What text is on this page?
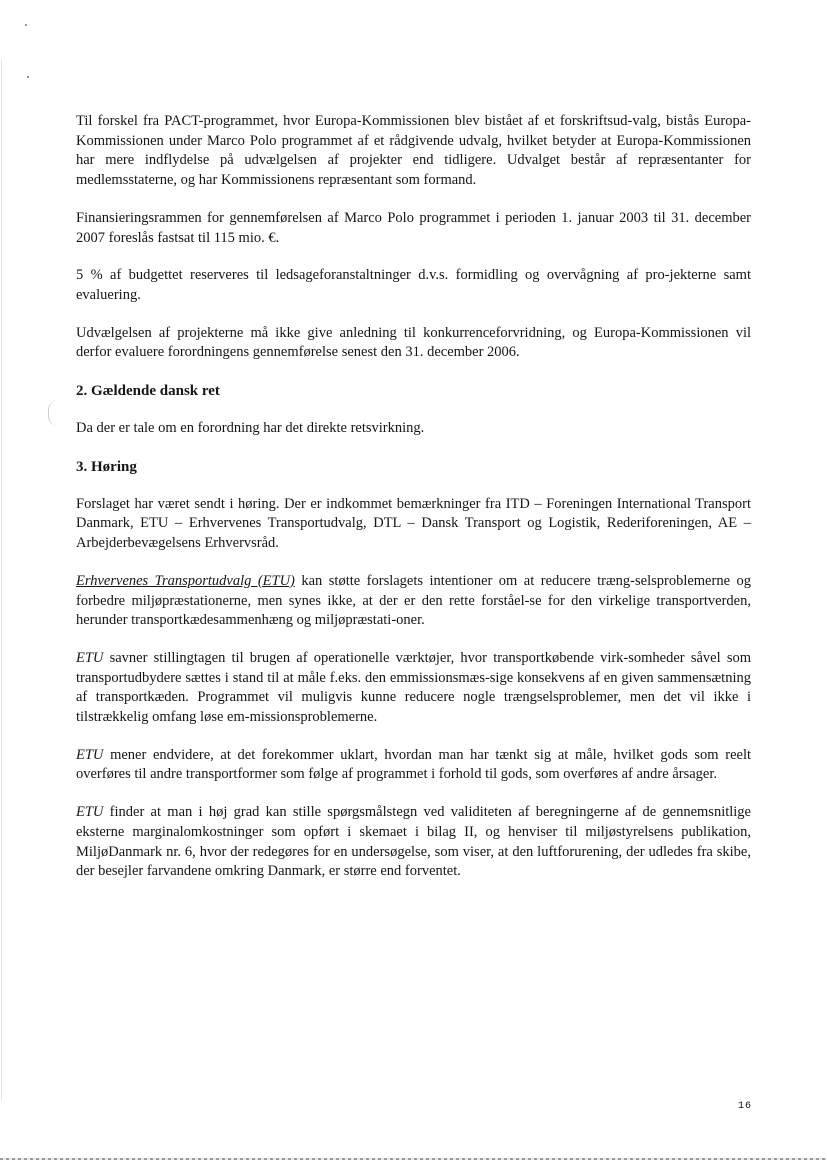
Til forskel fra PACT-programmet, hvor Europa-Kommissionen blev bistået af et forskriftsud-valg, bistås Europa-Kommissionen under Marco Polo programmet af et rådgivende udvalg, hvilket betyder at Europa-Kommissionen har mere indflydelse på udvælgelsen af projekter end tidligere. Udvalget består af repræsentanter for medlemsstaterne, og har Kommissionens repræsentant som formand.

Finansieringsrammen for gennemførelsen af Marco Polo programmet i perioden 1. januar 2003 til 31. december 2007 foreslås fastsat til 115 mio. €.

5 % af budgettet reserveres til ledsageforanstaltninger d.v.s. formidling og overvågning af pro-jekterne samt evaluering.

Udvælgelsen af projekterne må ikke give anledning til konkurrenceforvridning, og Europa-Kommissionen vil derfor evaluere forordningens gennemførelse senest den 31. december 2006.

2. Gældende dansk ret

Da der er tale om en forordning har det direkte retsvirkning.

3. Høring

Forslaget har været sendt i høring. Der er indkommet bemærkninger fra ITD – Foreningen International Transport Danmark, ETU – Erhvervenes Transportudvalg, DTL – Dansk Transport og Logistik, Rederiforeningen, AE – Arbejderbevægelsens Erhvervsråd.

Erhvervenes Transportudvalg (ETU) kan støtte forslagets intentioner om at reducere træng-selsproblemerne og forbedre miljøpræstationerne, men synes ikke, at der er den rette forståel-se for den virkelige transportverden, herunder transportkædesammenhæng og miljøpræstati-oner.

ETU savner stillingtagen til brugen af operationelle værktøjer, hvor transportkøbende virk-somheder såvel som transportudbydere sættes i stand til at måle f.eks. den emmissionsmæs-sige konsekvens af en given sammensætning af transportkæden. Programmet vil muligvis kunne reducere nogle trængselsproblemer, men det vil ikke i tilstrækkelig omfang løse em-missionsproblemerne.

ETU mener endvidere, at det forekommer uklart, hvordan man har tænkt sig at måle, hvilket gods som reelt overføres til andre transportformer som følge af programmet i forhold til gods, som overføres af andre årsager.

ETU finder at man i høj grad kan stille spørgsmålstegn ved validiteten af beregningerne af de gennemsnitlige eksterne marginalomkostninger som opført i skemaet i bilag II, og henviser til miljøstyrelsens publikation, MiljøDanmark nr. 6, hvor der redegøres for en undersøgelse, som viser, at den luftforurening, der udledes fra skibe, der besejler farvandene omkring Danmark, er større end forventet.

16
